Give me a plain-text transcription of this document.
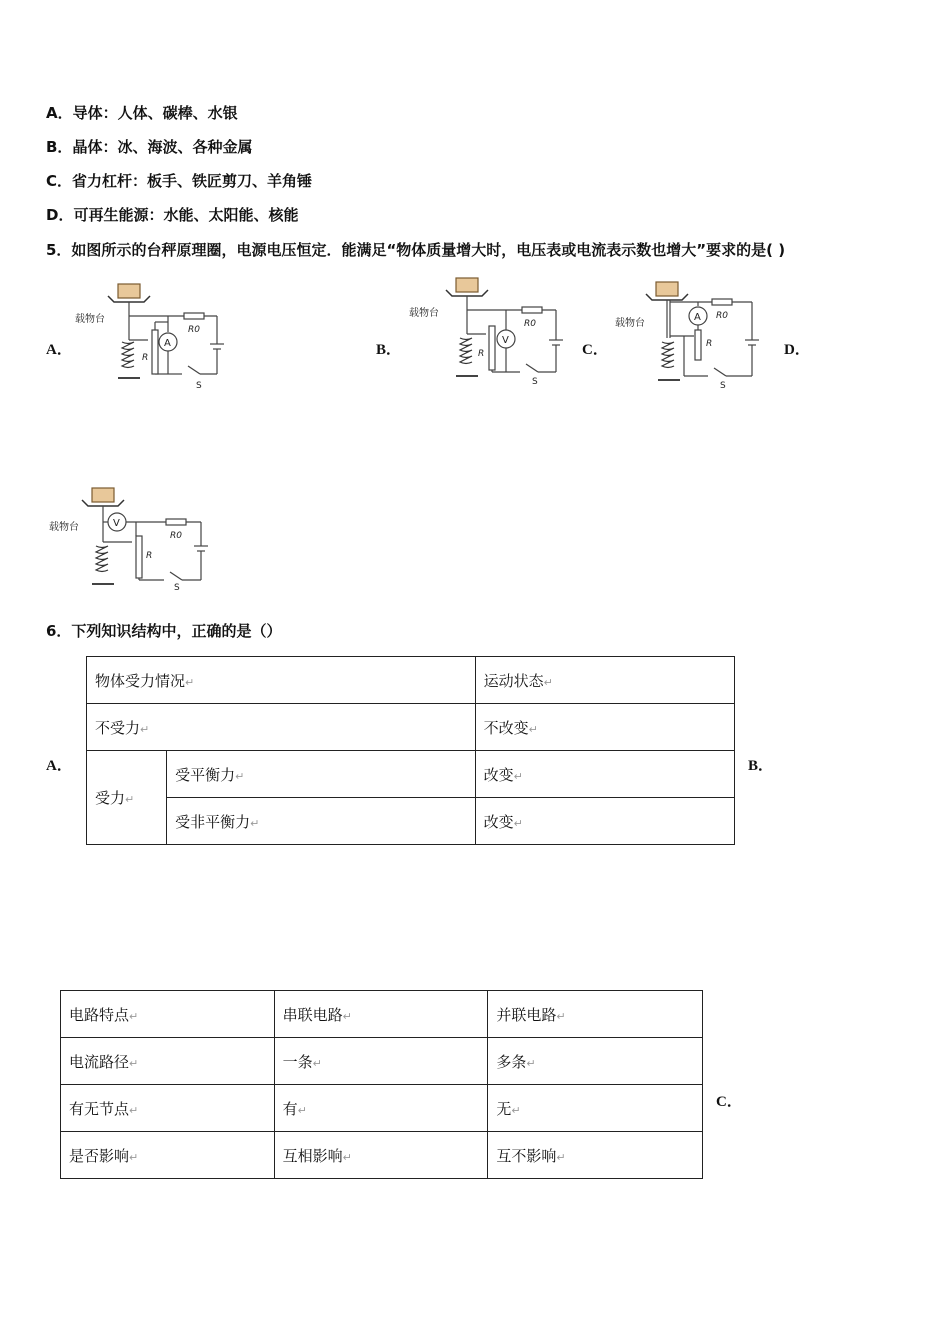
A．导体：人体、碳棒、水银
B．晶体：冰、海波、各种金属
C．省力杠杆：板手、铁匠剪刀、羊角锤
D．可再生能源：水能、太阳能、核能
5．如图所示的台秤原理圈，电源电压恒定．能满足“物体质量增大时，电压表或电流表示数也增大”要求的是( )
A．	B．	C．	D．
载物台
A
R0
R
S
载物台
V
R0
R
S
载物台
A R0
R
S
载物台	V
R0
R
S
6．下列知识结构中，正确的是（）
A．	B．
物体受力情况↵		运动状态↵
不受力↵		不改变↵
受力↵	受平衡力↵	改变↵
	受非平衡力↵	改变↵
电路特点↵	串联电路↵	并联电路↵
电流路径↵	一条↵	多条↵
有无节点↵	有↵	无↵
是否影响↵	互相影响↵	互不影响↵
C．
